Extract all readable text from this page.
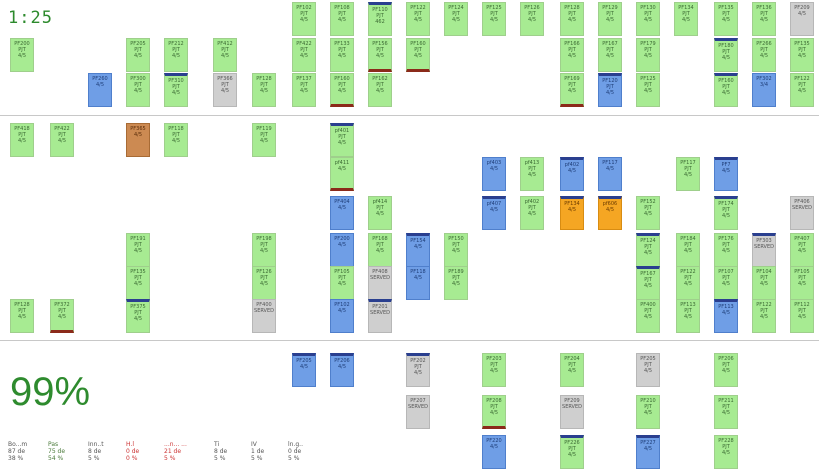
1:25
99%
PF102
PJT
4/5
PF108
PJT
4/5
PF110
PJT
462
PF122
PJT
4/5
PF124
PJT
4/5
PF125
PJT
4/5
PF126
PJT
4/5
PF128
PJT
4/5
PF129
PJT
4/5
PF130
PJT
4/5
PF134
PJT
4/5
PF135
PJT
4/5
PF136
PJT
4/5
PF209
4/5
PF200
PJT
4/5
PF205
PJT
4/5
PF212
PJT
4/5
PF412
PJT
4/5
PF422
PJT
4/5
PF133
PJT
4/5
PF156
PJT
4/5
PF160
PJT
4/5
PF166
PJT
4/5
PF167
PJT
4/5
PF179
PJT
4/5
PF180
PJT
4/5
PF266
PJT
4/5
PF135
PJT
4/5
PF260
4/5
PF300
PJT
4/5
PF310
PJT
4/5
PF366
PJT
4/5
PF128
PJT
4/5
PF137
PJT
4/5
PF160
PJT
4/5
PF162
PJT
4/5
PF169
PJT
4/5
PF120
PJT
4/5
PF125
PJT
4/5
PF160
PJT
4/5
PF302
3/4
PF122
PJT
4/5
PF418
PJT
4/5
PF422
PJT
4/5
PF365
4/5
PF118
PJT
4/5
PF119
PJT
4/5
pf401
PJT
4/5
pf411
4/5
pf403
4/5
pf413
PJT
4/5
pf402
4/5
PF117
4/5
PF117
PJT
4/5
PF7
4/5
PF404
4/5
pf414
PJT
4/5
pf407
4/5
pf402
PJT
4/5
PF134
4/5
pf606
4/5
PF152
PJT
4/5
PF174
PJT
4/5
PF406
SERVED
PF191
PJT
4/5
PF198
PJT
4/5
PF200
4/5
PF168
PJT
4/5
PF154
4/5
PF150
PJT
4/5
PF124
PJT
4/5
PF184
PJT
4/5
PF176
PJT
4/5
PF303
SERVED
PF407
PJT
4/5
PF135
PJT
4/5
PF126
PJT
4/5
PF105
PJT
4/5
PF408
SERVED
PF118
4/5
PF189
PJT
4/5
PF167
PJT
4/5
PF122
PJT
4/5
PF107
PJT
4/5
PF104
PJT
4/5
PF105
PJT
4/5
PF128
PJT
4/5
PF372
PJT
4/5
PF375
PJT
4/5
PF400
SERVED
PF102
4/5
PF201
SERVED
PF400
PJT
4/5
PF113
PJT
4/5
PF113
4/5
PF122
PJT
4/5
PF112
PJT
4/5
PF205
4/5
PF206
4/5
PF202
PJT
4/5
PF203
PJT
4/5
PF204
PJT
4/5
PF205
PJT
4/5
PF206
PJT
4/5
PF207
SERVED
PF208
PJT
4/5
PF209
SERVED
PF210
PJT
4/5
PF211
PJT
4/5
PF220
4/5
PF226
PJT
4/5
PF227
4/5
PF228
PJT
4/5
Bo...m
87 de
38 %
Pas
75 de
54 %
Inn..t
8 de
5 %
H.l
0 de
0 %
...n... ...
21 de
5 %
Ti
8 de
5 %
IV
1 de
5 %
ln.g..
0 de
5 %
